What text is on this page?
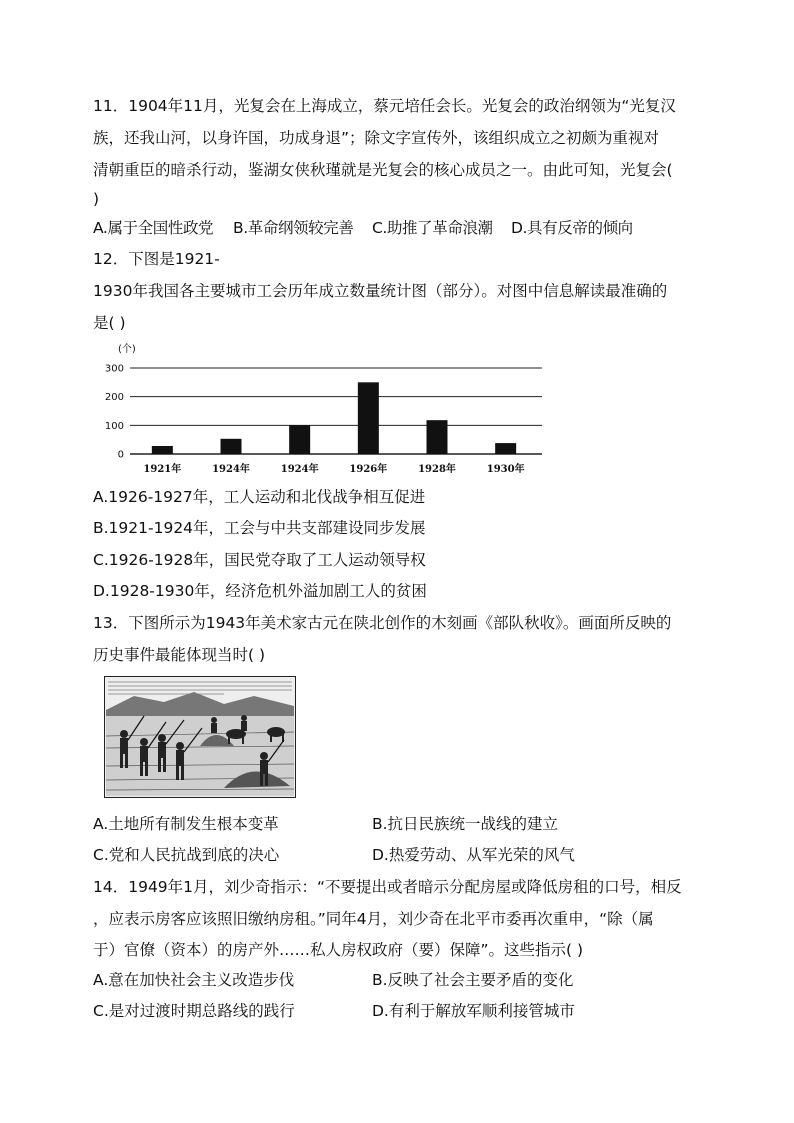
11．1904年11月，光复会在上海成立，蔡元培任会长。光复会的政治纲领为“光复汉
族，还我山河，以身许国，功成身退”；除文字宣传外，该组织成立之初颇为重视对
清朝重臣的暗杀行动，鉴湖女侠秋瑾就是光复会的核心成员之一。由此可知，光复会(
)
A.属于全国性政党 B.革命纲领较完善 C.助推了革命浪潮 D.具有反帝的倾向
12．下图是1921-
1930年我国各主要城市工会历年成立数量统计图（部分）。对图中信息解读最准确的
是( )
0
100
200
300
1921年	1924年	1924年	1926年	1928年	1930年
(个)
A.1926-1927年，工人运动和北伐战争相互促进
B.1921-1924年，工会与中共支部建设同步发展
C.1926-1928年，国民党夺取了工人运动领导权
D.1928-1930年，经济危机外溢加剧工人的贫困
13．下图所示为1943年美术家古元在陕北创作的木刻画《部队秋收》。画面所反映的
历史事件最能体现当时( )
A.土地所有制发生根本变革	B.抗日民族统一战线的建立
C.党和人民抗战到底的决心	D.热爱劳动、从军光荣的风气
14．1949年1月，刘少奇指示：“不要提出或者暗示分配房屋或降低房租的口号，相反
，应表示房客应该照旧缴纳房租。”同年4月，刘少奇在北平市委再次重申，“除（属
于）官僚（资本）的房产外……私人房权政府（要）保障”。这些指示( )
A.意在加快社会主义改造步伐	B.反映了社会主要矛盾的变化
C.是对过渡时期总路线的践行	D.有利于解放军顺利接管城市
